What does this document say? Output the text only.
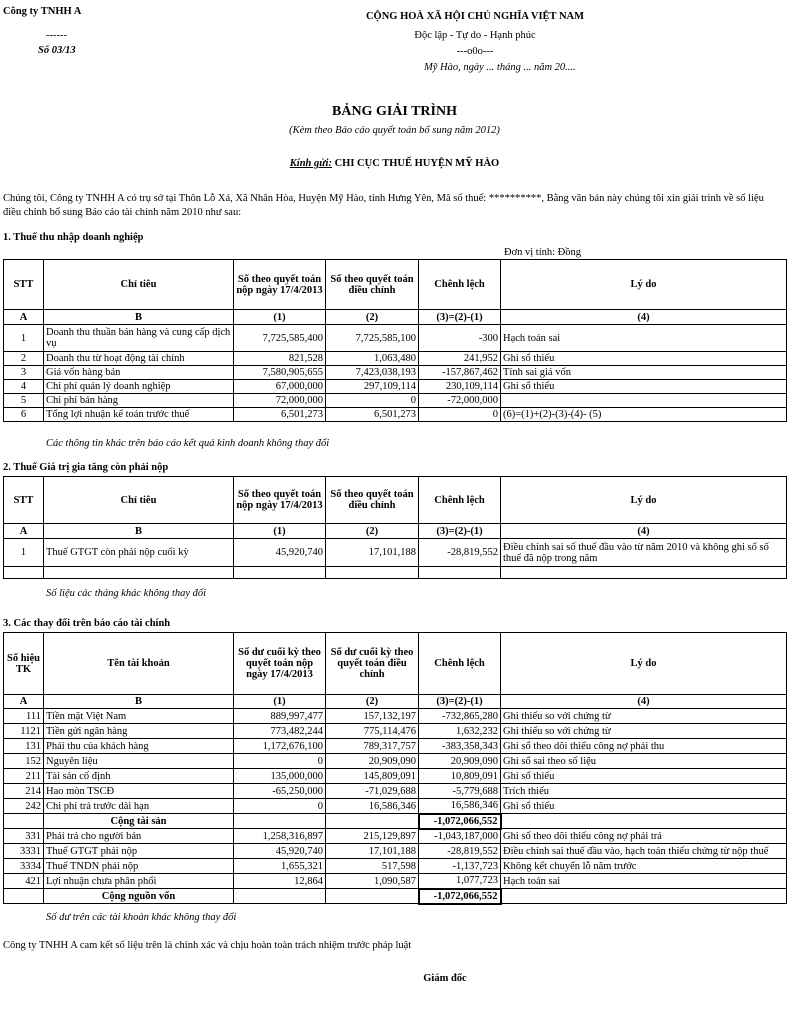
Công ty TNHH A
------
Số 03/13
CỘNG HOÀ XÃ HỘI CHỦ NGHĨA VIỆT NAM
Độc lập - Tự do - Hạnh phúc
---o0o---
Mỹ Hào, ngày ... tháng ... năm 20....
BẢNG GIẢI TRÌNH
(Kèm theo Báo cáo quyết toán bổ sung năm 2012)
Kính gửi: CHI CỤC THUẾ HUYỆN MỸ HÀO
Chúng tôi, Công ty TNHH A có trụ sở tại Thôn Lỗ Xá, Xã Nhân Hòa, Huyện Mỹ Hào, tỉnh Hưng Yên, Mã số thuế: **********, Bằng văn bản này chúng tôi xin giải trình về số liệu điều chỉnh bổ sung Báo cáo tài chính năm 2010 như sau:
1. Thuế thu nhập doanh nghiệp
Đơn vị tính: Đồng
STT	Chỉ tiêu	Số theo quyết toán nộp ngày 17/4/2013	Số theo quyết toán điều chỉnh	Chênh lệch	Lý do
A	B	(1)	(2)	(3)=(2)-(1)	(4)
1	Doanh thu thuần bán hàng và cung cấp dịch vụ	7,725,585,400	7,725,585,100	-300	Hạch toán sai
2	Doanh thu từ hoạt động tài chính	821,528	1,063,480	241,952	Ghi sổ thiếu
3	Giá vốn hàng bán	7,580,905,655	7,423,038,193	-157,867,462	Tính sai giá vốn
4	Chi phí quản lý doanh nghiệp	67,000,000	297,109,114	230,109,114	Ghi sổ thiếu
5	Chi phí bán hàng	72,000,000	0	-72,000,000	
6	Tổng lợi nhuận kế toán trước thuế	6,501,273	6,501,273	0	(6)=(1)+(2)-(3)-(4)- (5)
Các thông tin khác trên báo cáo kết quả kinh doanh không thay đổi
2. Thuế Giá trị gia tăng còn phải nộp
STT	Chỉ tiêu	Số theo quyết toán nộp ngày 17/4/2013	Số theo quyết toán điều chỉnh	Chênh lệch	Lý do
A	B	(1)	(2)	(3)=(2)-(1)	(4)
1	Thuế GTGT còn phải nộp cuối kỳ	45,920,740	17,101,188	-28,819,552	Điều chỉnh sai số thuế đầu vào từ năm 2010 và không ghi số số thuế đã nộp trong năm

Số liệu các tháng khác không thay đổi
3. Các thay đổi trên báo cáo tài chính
Số hiệu TK	Tên tài khoản	Số dư cuối kỳ theo quyết toán nộp ngày 17/4/2013	Số dư cuối kỳ theo quyết toán điều chỉnh	Chênh lệch	Lý do
A	B	(1)	(2)	(3)=(2)-(1)	(4)
111	Tiền mặt Việt Nam	889,997,477	157,132,197	-732,865,280	Ghi thiếu so với chứng từ
1121	Tiền gửi ngân hàng	773,482,244	775,114,476	1,632,232	Ghi thiếu so với chứng từ
131	Phải thu của khách hàng	1,172,676,100	789,317,757	-383,358,343	Ghi sổ theo dõi thiếu công nợ phải thu
152	Nguyên liệu	0	20,909,090	20,909,090	Ghi sổ sai theo số liệu
211	Tài sản cố định	135,000,000	145,809,091	10,809,091	Ghi sổ thiếu
214	Hao mòn TSCĐ	-65,250,000	-71,029,688	-5,779,688	Trích thiếu
242	Chi phí trả trước dài hạn	0	16,586,346	16,586,346	Ghi sổ thiếu
	Cộng tài sản			-1,072,066,552	
331	Phải trả cho người bán	1,258,316,897	215,129,897	-1,043,187,000	Ghi sổ theo dõi thiếu công nợ phải trả
3331	Thuế GTGT phải nộp	45,920,740	17,101,188	-28,819,552	Điều chỉnh sai thuế đầu vào, hạch toán thiếu chứng từ nộp thuế
3334	Thuế TNDN phải nộp	1,655,321	517,598	-1,137,723	Không kết chuyển lỗ năm trước
421	Lợi nhuận chưa phân phối	12,864	1,090,587	1,077,723	Hạch toán sai
	Cộng nguồn vốn			-1,072,066,552	
Số dư trên các tài khoản khác không thay đổi
Công ty TNHH A cam kết số liệu trên là chính xác và chịu hoàn toàn trách nhiệm trước pháp luật
Giám đốc
